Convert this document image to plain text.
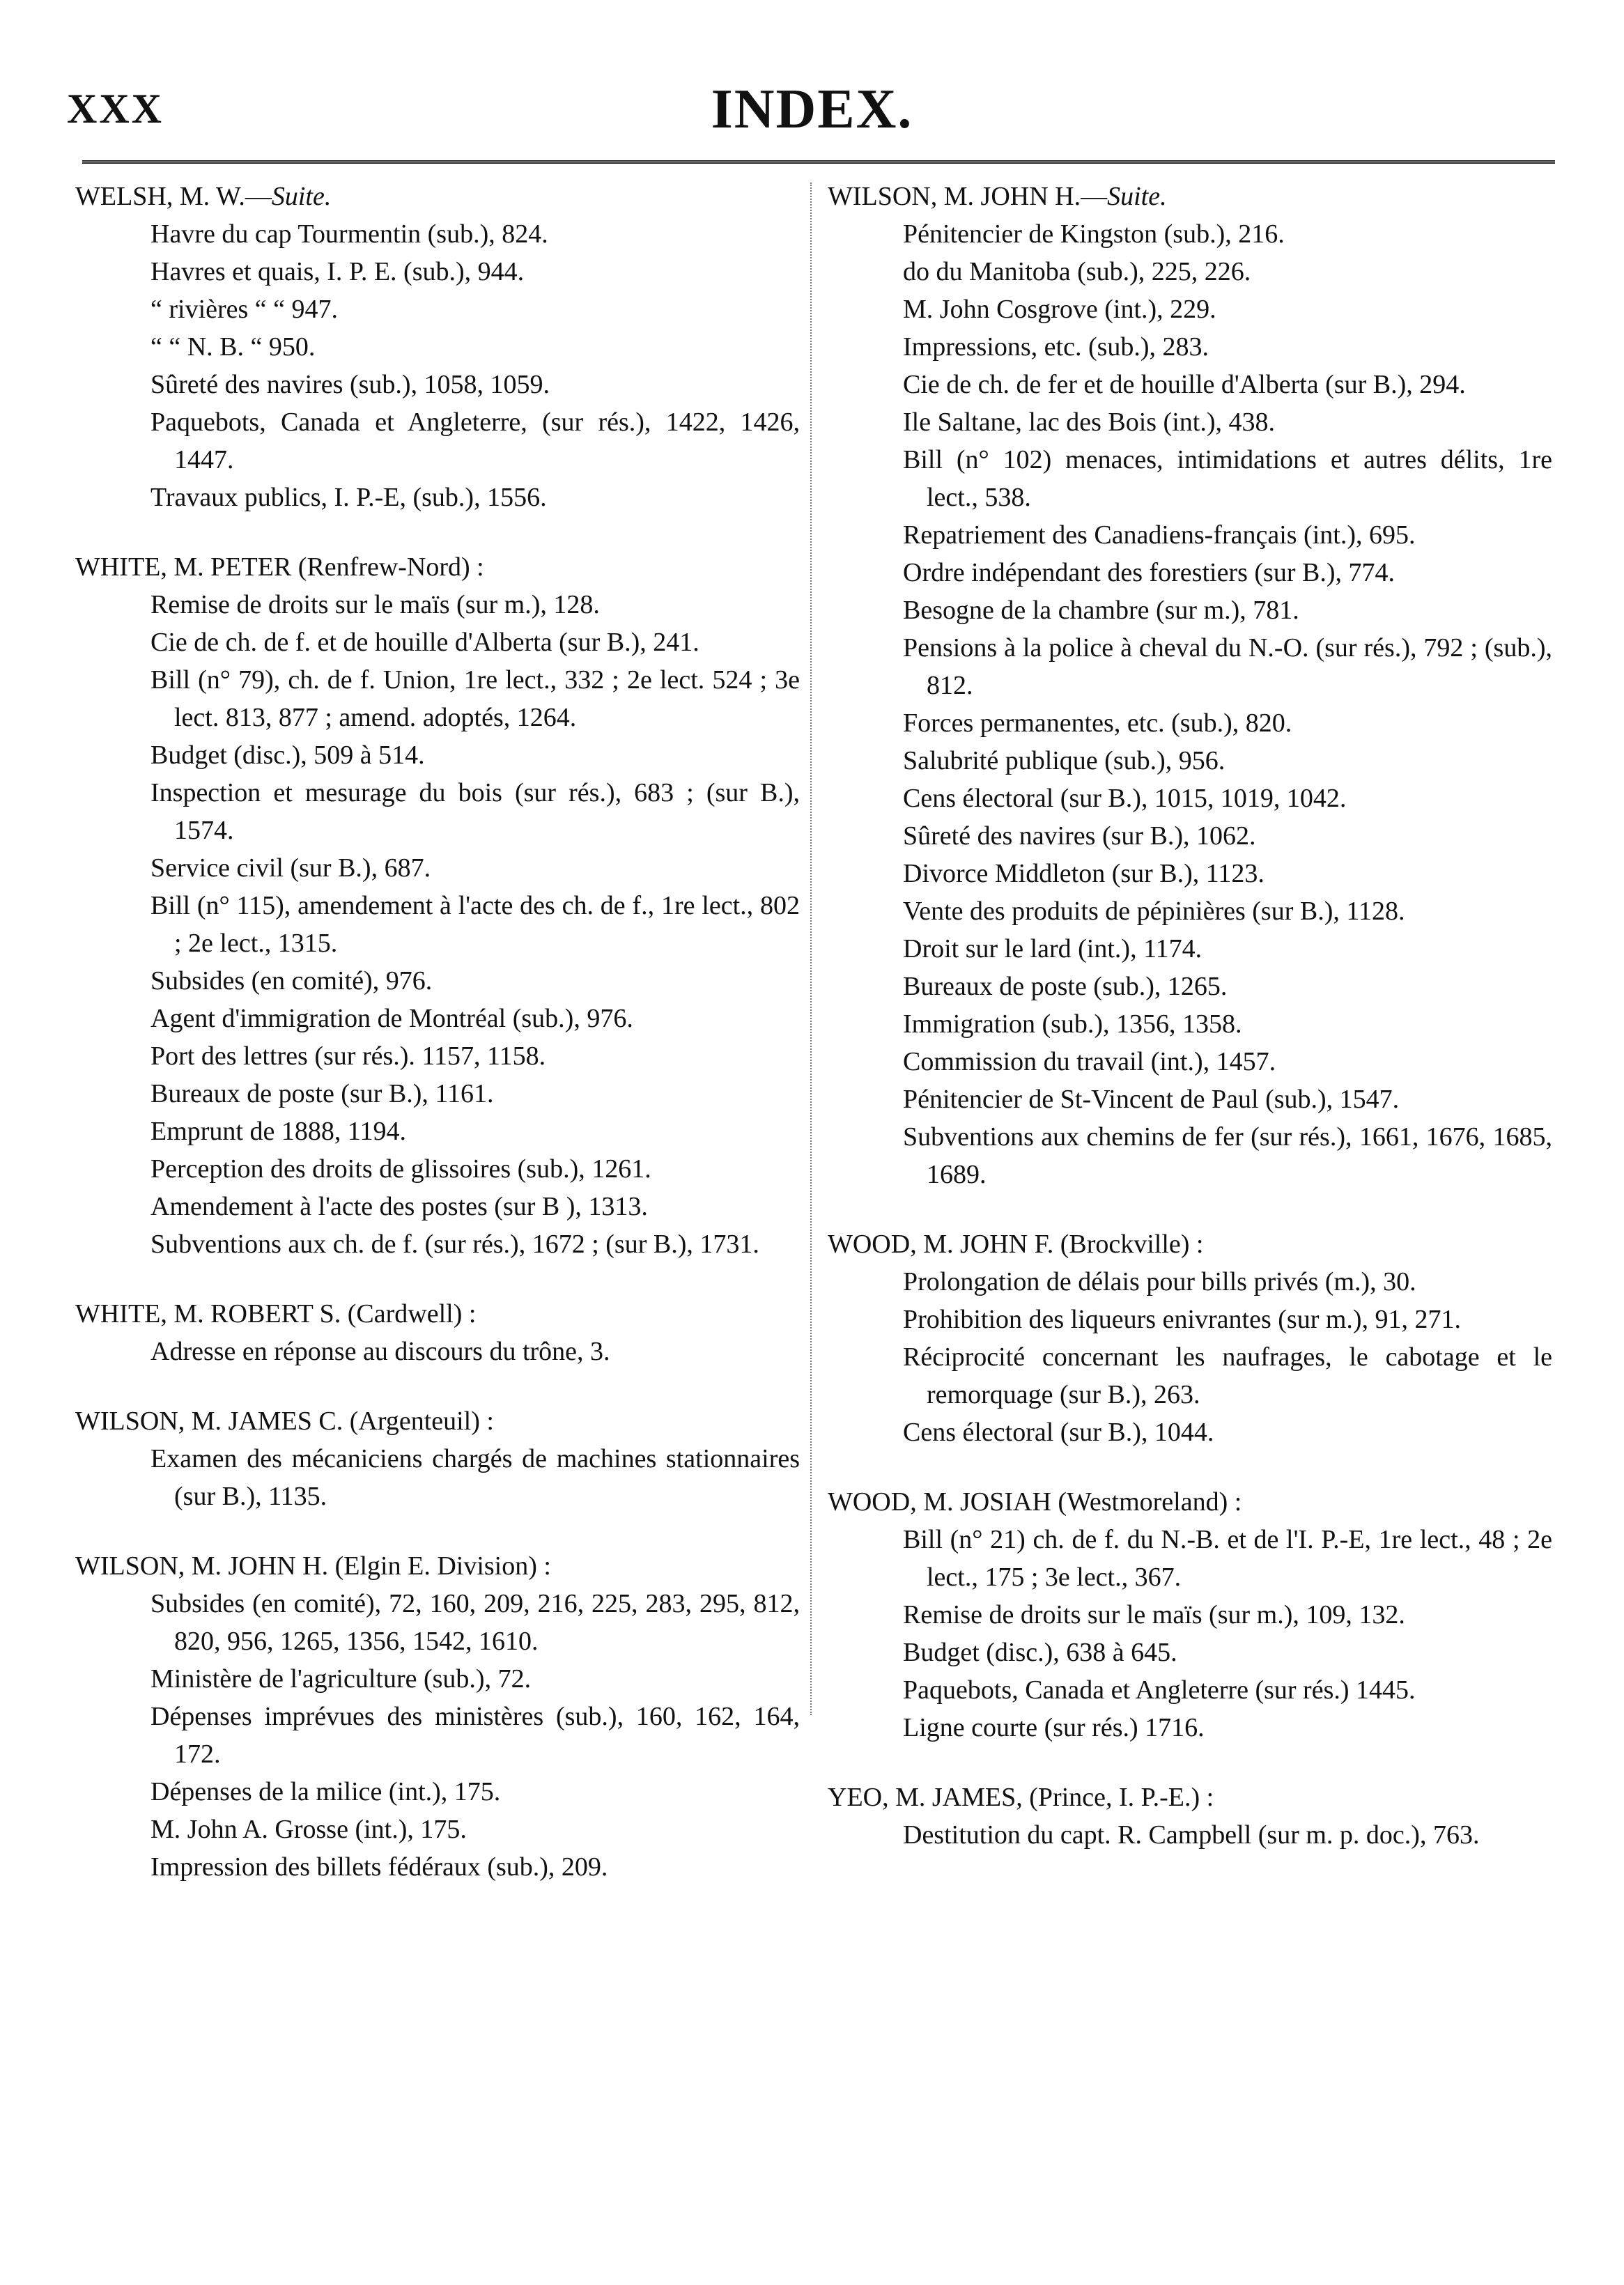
XXX	INDEX.
WELSH, M. W.—Suite.
Havre du cap Tourmentin (sub.), 824.
Havres et quais, I. P. E. (sub.), 944.
“ rivières “ “ 947.
“ “ N. B. “ 950.
Sûreté des navires (sub.), 1058, 1059.
Paquebots, Canada et Angleterre, (sur rés.), 1422, 1426, 1447.
Travaux publics, I. P.-E, (sub.), 1556.
WHITE, M. PETER (Renfrew-Nord) :
Remise de droits sur le maïs (sur m.), 128.
Cie de ch. de f. et de houille d'Alberta (sur B.), 241.
Bill (n° 79), ch. de f. Union, 1re lect., 332 ; 2e lect. 524 ; 3e lect. 813, 877 ; amend. adoptés, 1264.
Budget (disc.), 509 à 514.
Inspection et mesurage du bois (sur rés.), 683 ; (sur B.), 1574.
Service civil (sur B.), 687.
Bill (n° 115), amendement à l'acte des ch. de f., 1re lect., 802 ; 2e lect., 1315.
Subsides (en comité), 976.
Agent d'immigration de Montréal (sub.), 976.
Port des lettres (sur rés.). 1157, 1158.
Bureaux de poste (sur B.), 1161.
Emprunt de 1888, 1194.
Perception des droits de glissoires (sub.), 1261.
Amendement à l'acte des postes (sur B ), 1313.
Subventions aux ch. de f. (sur rés.), 1672 ; (sur B.), 1731.
WHITE, M. ROBERT S. (Cardwell) :
Adresse en réponse au discours du trône, 3.
WILSON, M. JAMES C. (Argenteuil) :
Examen des mécaniciens chargés de machines stationnaires (sur B.), 1135.
WILSON, M. JOHN H. (Elgin E. Division) :
Subsides (en comité), 72, 160, 209, 216, 225, 283, 295, 812, 820, 956, 1265, 1356, 1542, 1610.
Ministère de l'agriculture (sub.), 72.
Dépenses imprévues des ministères (sub.), 160, 162, 164, 172.
Dépenses de la milice (int.), 175.
M. John A. Grosse (int.), 175.
Impression des billets fédéraux (sub.), 209.
WILSON, M. JOHN H.—Suite.
Pénitencier de Kingston (sub.), 216.
do du Manitoba (sub.), 225, 226.
M. John Cosgrove (int.), 229.
Impressions, etc. (sub.), 283.
Cie de ch. de fer et de houille d'Alberta (sur B.), 294.
Ile Saltane, lac des Bois (int.), 438.
Bill (n° 102) menaces, intimidations et autres délits, 1re lect., 538.
Repatriement des Canadiens-français (int.), 695.
Ordre indépendant des forestiers (sur B.), 774.
Besogne de la chambre (sur m.), 781.
Pensions à la police à cheval du N.-O. (sur rés.), 792 ; (sub.), 812.
Forces permanentes, etc. (sub.), 820.
Salubrité publique (sub.), 956.
Cens électoral (sur B.), 1015, 1019, 1042.
Sûreté des navires (sur B.), 1062.
Divorce Middleton (sur B.), 1123.
Vente des produits de pépinières (sur B.), 1128.
Droit sur le lard (int.), 1174.
Bureaux de poste (sub.), 1265.
Immigration (sub.), 1356, 1358.
Commission du travail (int.), 1457.
Pénitencier de St-Vincent de Paul (sub.), 1547.
Subventions aux chemins de fer (sur rés.), 1661, 1676, 1685, 1689.
WOOD, M. JOHN F. (Brockville) :
Prolongation de délais pour bills privés (m.), 30.
Prohibition des liqueurs enivrantes (sur m.), 91, 271.
Réciprocité concernant les naufrages, le cabotage et le remorquage (sur B.), 263.
Cens électoral (sur B.), 1044.
WOOD, M. JOSIAH (Westmoreland) :
Bill (n° 21) ch. de f. du N.-B. et de l'I. P.-E, 1re lect., 48 ; 2e lect., 175 ; 3e lect., 367.
Remise de droits sur le maïs (sur m.), 109, 132.
Budget (disc.), 638 à 645.
Paquebots, Canada et Angleterre (sur rés.) 1445.
Ligne courte (sur rés.) 1716.
YEO, M. JAMES, (Prince, I. P.-E.) :
Destitution du capt. R. Campbell (sur m. p. doc.), 763.
